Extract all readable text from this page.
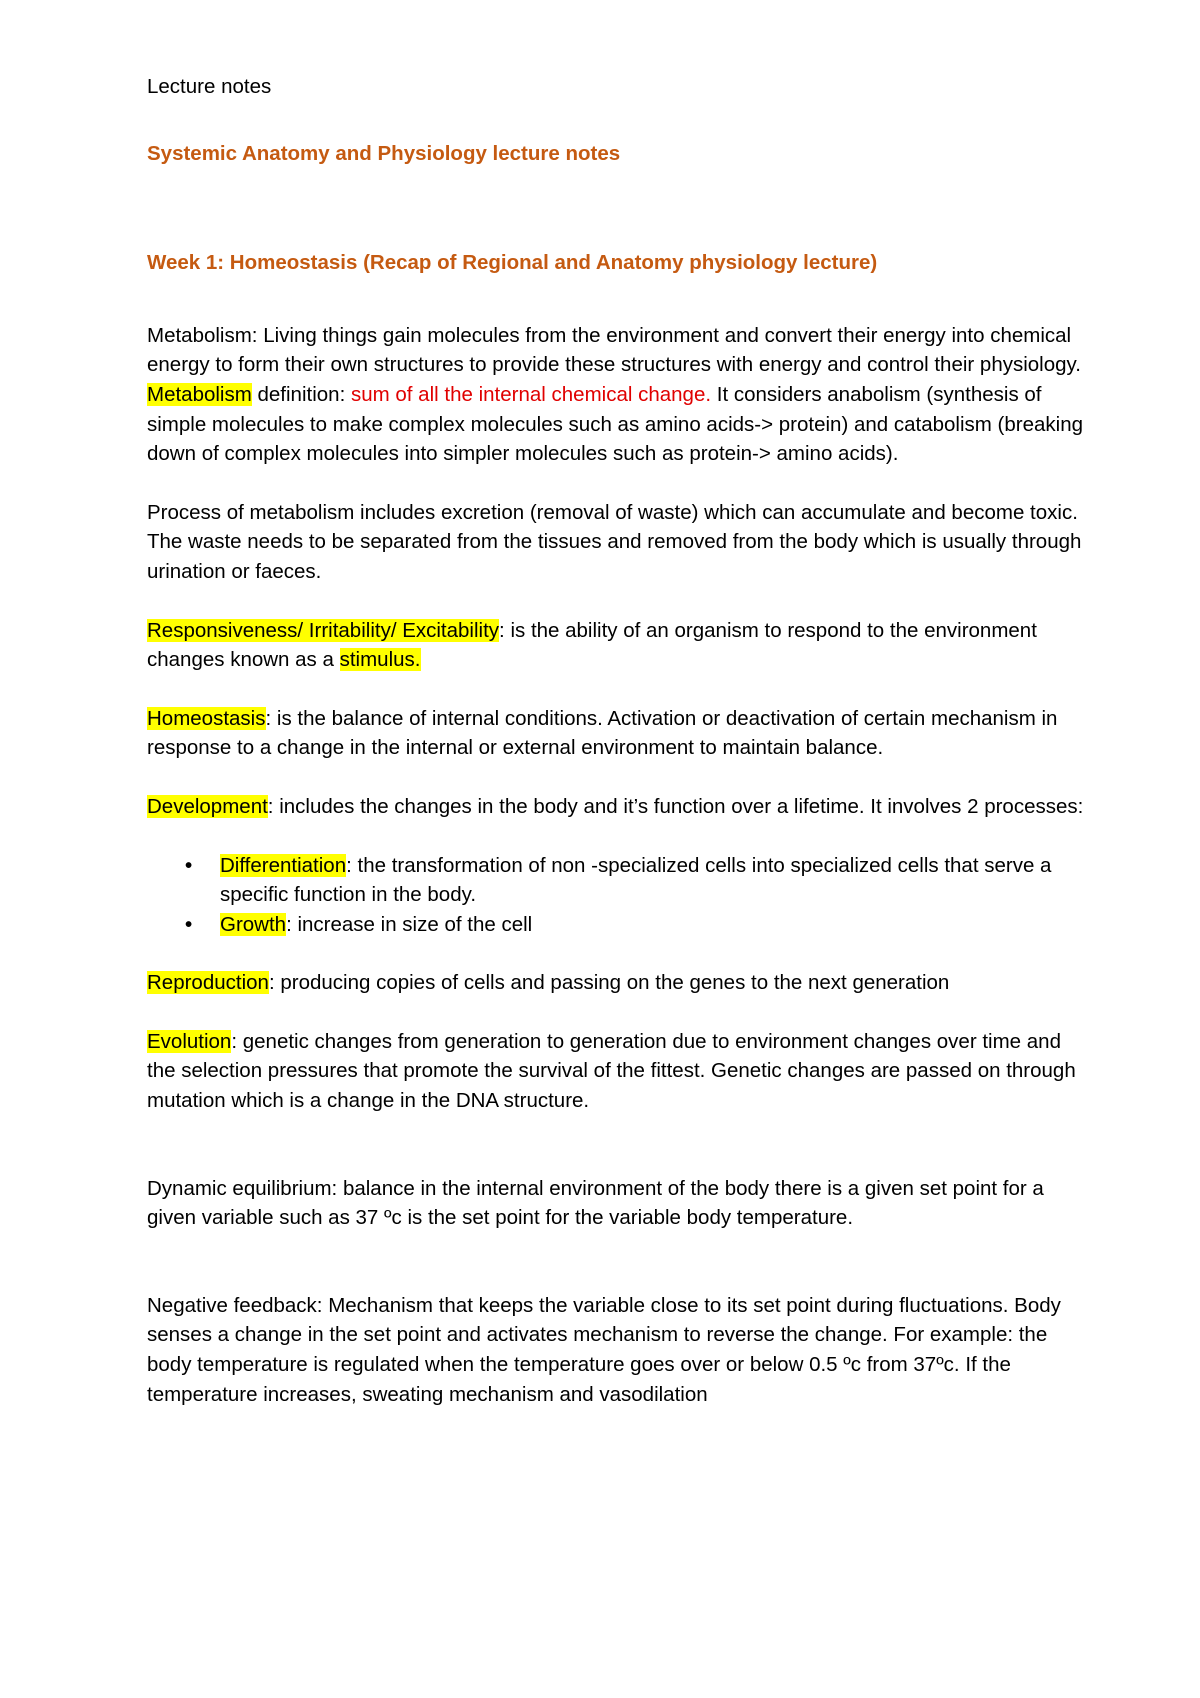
Lecture notes

Systemic Anatomy and Physiology lecture notes

Week 1: Homeostasis (Recap of Regional and Anatomy physiology lecture)

Metabolism: Living things gain molecules from the environment and convert their energy into chemical energy to form their own structures to provide these structures with energy and control their physiology. Metabolism definition: sum of all the internal chemical change. It considers anabolism (synthesis of simple molecules to make complex molecules such as amino acids-> protein) and catabolism (breaking down of complex molecules into simpler molecules such as protein-> amino acids).

Process of metabolism includes excretion (removal of waste) which can accumulate and become toxic. The waste needs to be separated from the tissues and removed from the body which is usually through urination or faeces.

Responsiveness/ Irritability/ Excitability: is the ability of an organism to respond to the environment changes known as a stimulus.

Homeostasis: is the balance of internal conditions. Activation or deactivation of certain mechanism in response to a change in the internal or external environment to maintain balance.

Development: includes the changes in the body and it’s function over a lifetime. It involves 2 processes:

• Differentiation: the transformation of non -specialized cells into specialized cells that serve a specific function in the body.
• Growth: increase in size of the cell

Reproduction: producing copies of cells and passing on the genes to the next generation

Evolution: genetic changes from generation to generation due to environment changes over time and the selection pressures that promote the survival of the fittest. Genetic changes are passed on through mutation which is a change in the DNA structure.

Dynamic equilibrium: balance in the internal environment of the body there is a given set point for a given variable such as 37 ºc is the set point for the variable body temperature.

Negative feedback: Mechanism that keeps the variable close to its set point during fluctuations. Body senses a change in the set point and activates mechanism to reverse the change. For example: the body temperature is regulated when the temperature goes over or below 0.5 ºc from 37ºc. If the temperature increases, sweating mechanism and vasodilation
